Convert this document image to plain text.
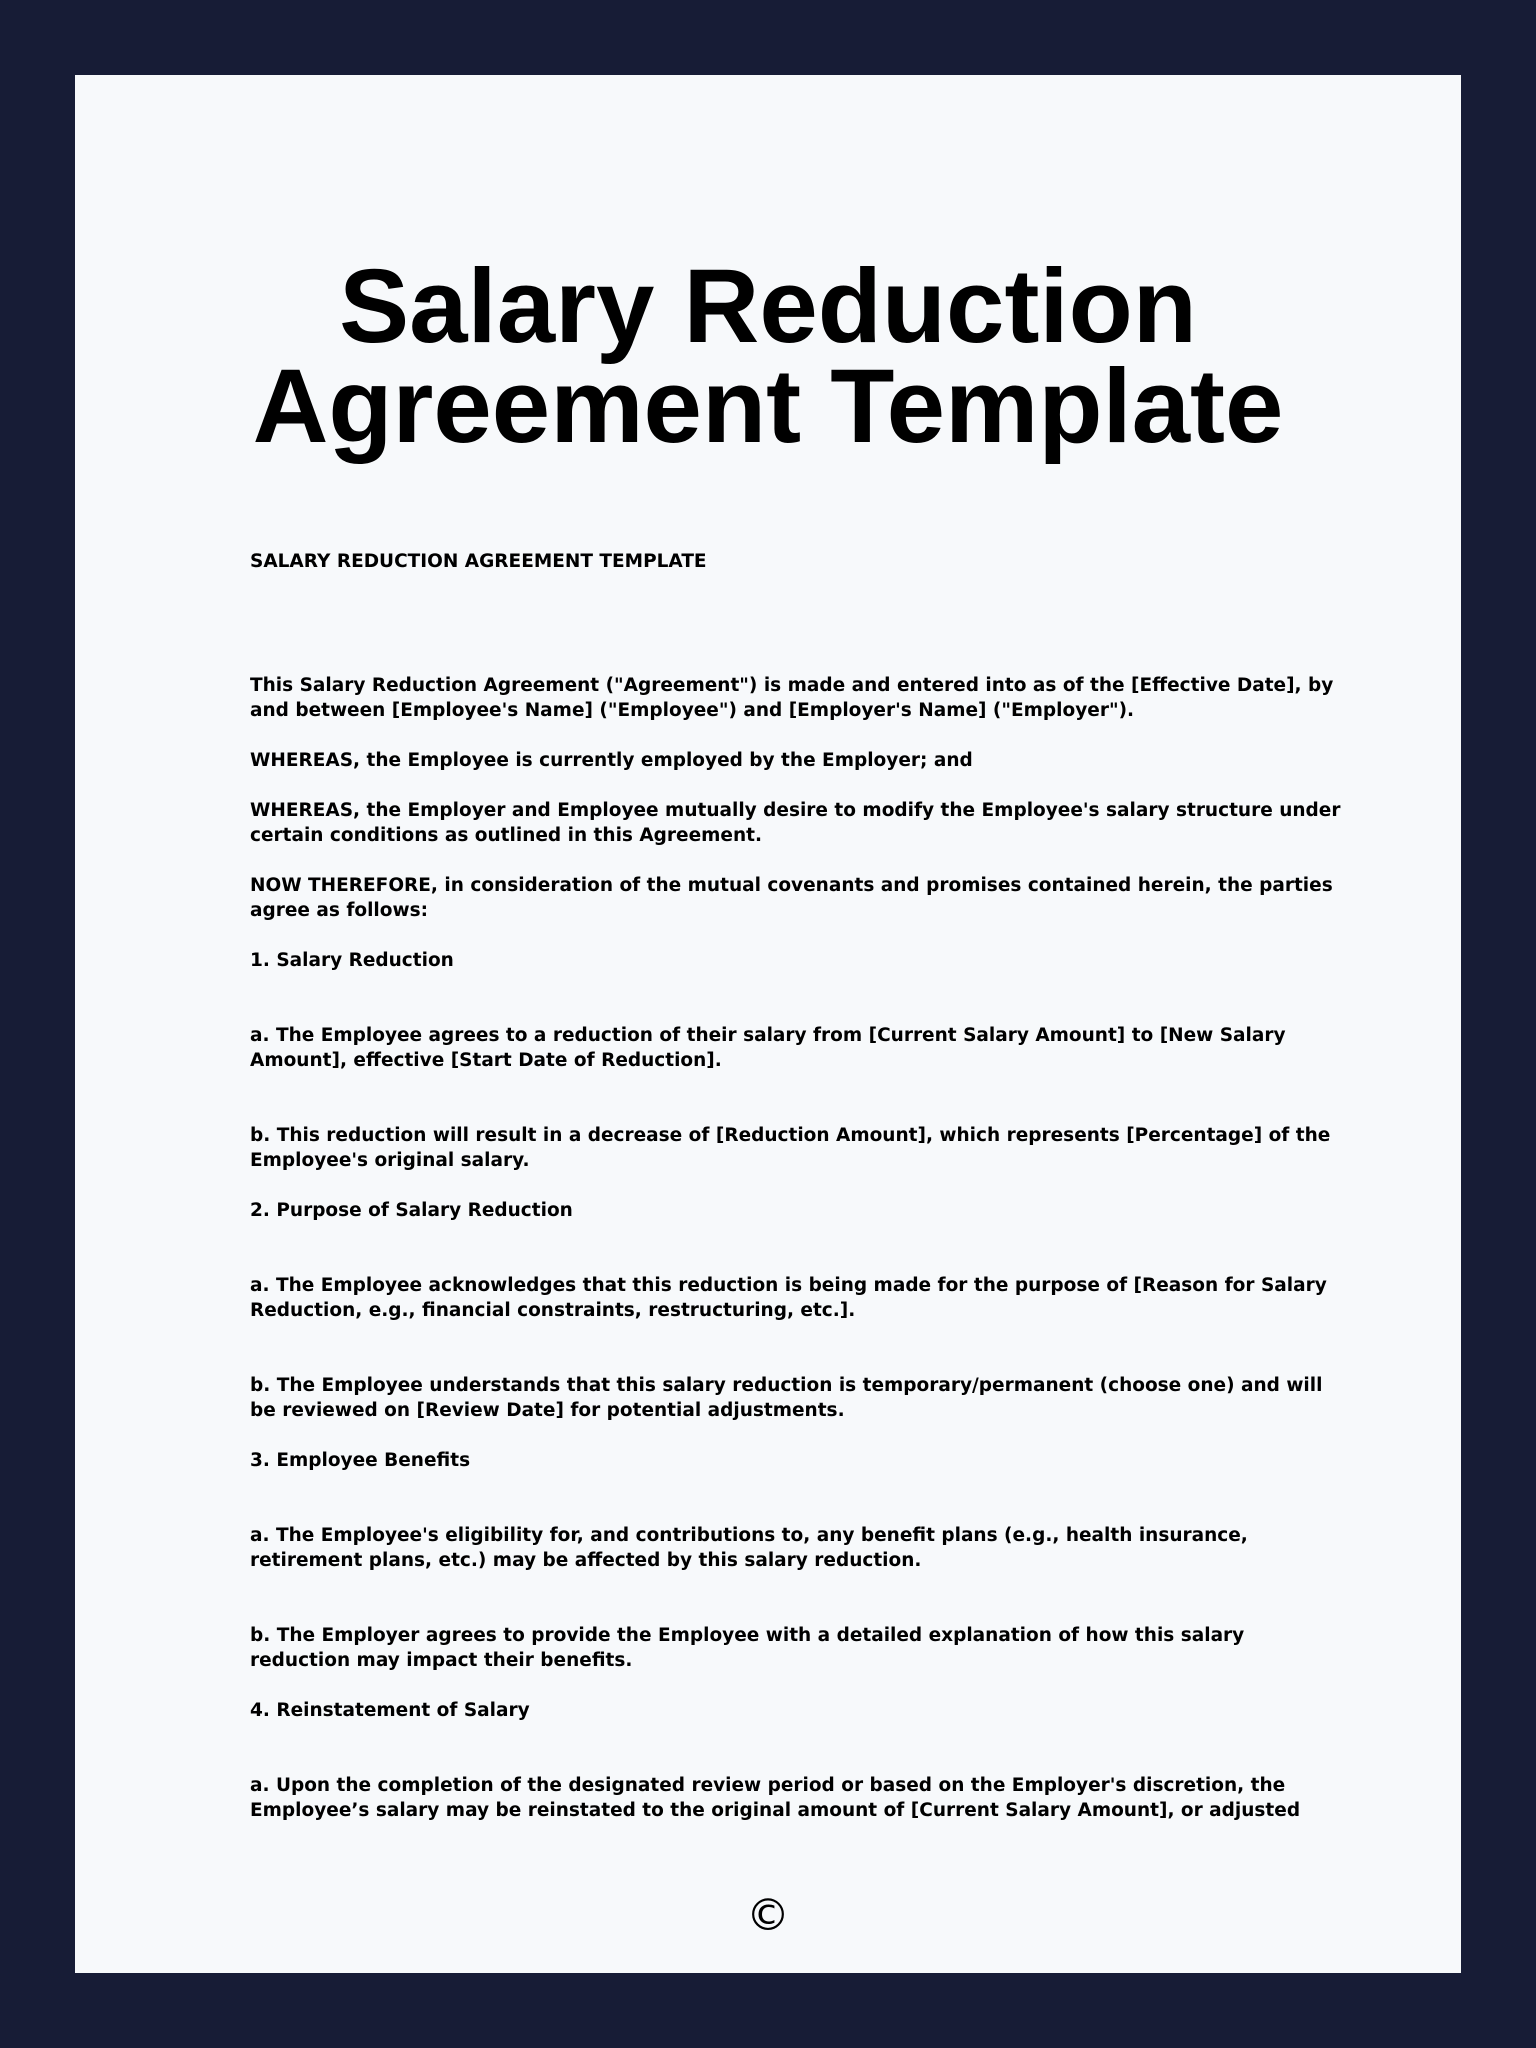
Salary Reduction Agreement Template

SALARY REDUCTION AGREEMENT TEMPLATE

This Salary Reduction Agreement ("Agreement") is made and entered into as of the [Effective Date], by and between [Employee's Name] ("Employee") and [Employer's Name] ("Employer").

WHEREAS, the Employee is currently employed by the Employer; and

WHEREAS, the Employer and Employee mutually desire to modify the Employee's salary structure under certain conditions as outlined in this Agreement.

NOW THEREFORE, in consideration of the mutual covenants and promises contained herein, the parties agree as follows:

1. Salary Reduction

a. The Employee agrees to a reduction of their salary from [Current Salary Amount] to [New Salary Amount], effective [Start Date of Reduction].

b. This reduction will result in a decrease of [Reduction Amount], which represents [Percentage] of the Employee's original salary.

2. Purpose of Salary Reduction

a. The Employee acknowledges that this reduction is being made for the purpose of [Reason for Salary Reduction, e.g., financial constraints, restructuring, etc.].

b. The Employee understands that this salary reduction is temporary/permanent (choose one) and will be reviewed on [Review Date] for potential adjustments.

3. Employee Benefits

a. The Employee's eligibility for, and contributions to, any benefit plans (e.g., health insurance, retirement plans, etc.) may be affected by this salary reduction.

b. The Employer agrees to provide the Employee with a detailed explanation of how this salary reduction may impact their benefits.

4. Reinstatement of Salary

a. Upon the completion of the designated review period or based on the Employer's discretion, the Employee’s salary may be reinstated to the original amount of [Current Salary Amount], or adjusted

©
